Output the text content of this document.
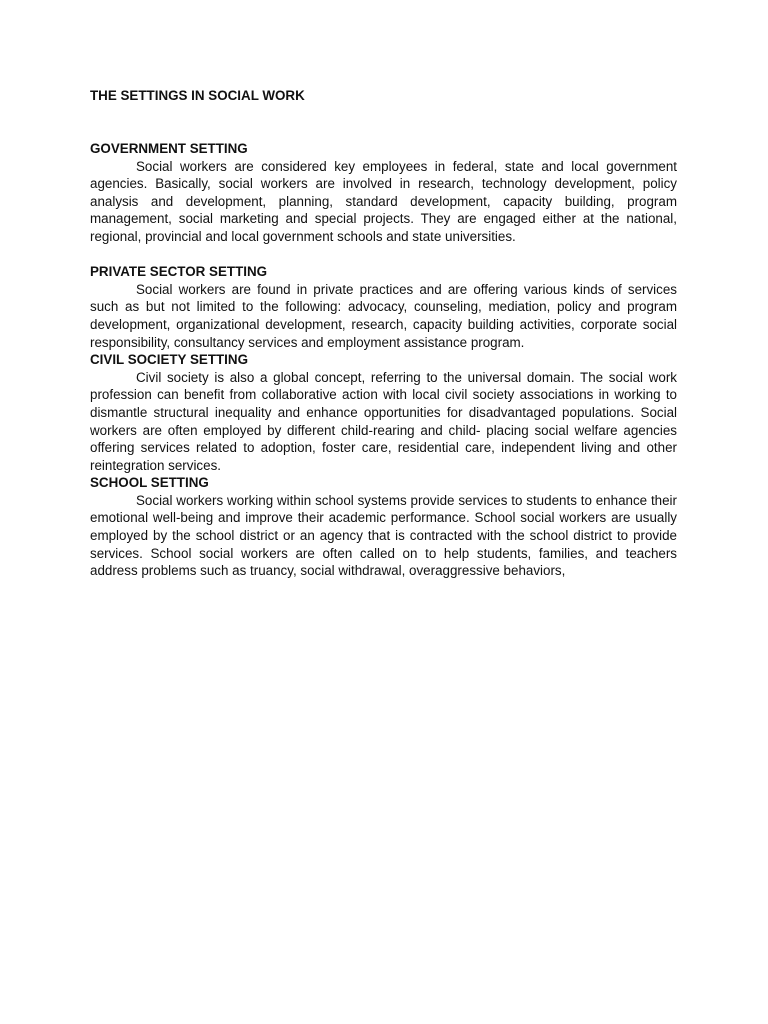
THE SETTINGS IN SOCIAL WORK
GOVERNMENT SETTING

Social workers are considered key employees in federal, state and local government agencies. Basically, social workers are involved in research, technology development, policy analysis and development, planning, standard development, capacity building, program management, social marketing and special projects. They are engaged either at the national, regional, provincial and local government schools and state universities.

PRIVATE SECTOR SETTING

Social workers are found in private practices and are offering various kinds of services such as but not limited to the following: advocacy, counseling, mediation, policy and program development, organizational development, research, capacity building activities, corporate social responsibility, consultancy services and employment assistance program.

CIVIL SOCIETY SETTING

Civil society is also a global concept, referring to the universal domain. The social work profession can benefit from collaborative action with local civil society associations in working to dismantle structural inequality and enhance opportunities for disadvantaged populations. Social workers are often employed by different child-rearing and child- placing social welfare agencies offering services related to adoption, foster care, residential care, independent living and other reintegration services.

SCHOOL SETTING

Social workers working within school systems provide services to students to enhance their emotional well-being and improve their academic performance. School social workers are usually employed by the school district or an agency that is contracted with the school district to provide services. School social workers are often called on to help students, families, and teachers address problems such as truancy, social withdrawal, overaggressive behaviors,
